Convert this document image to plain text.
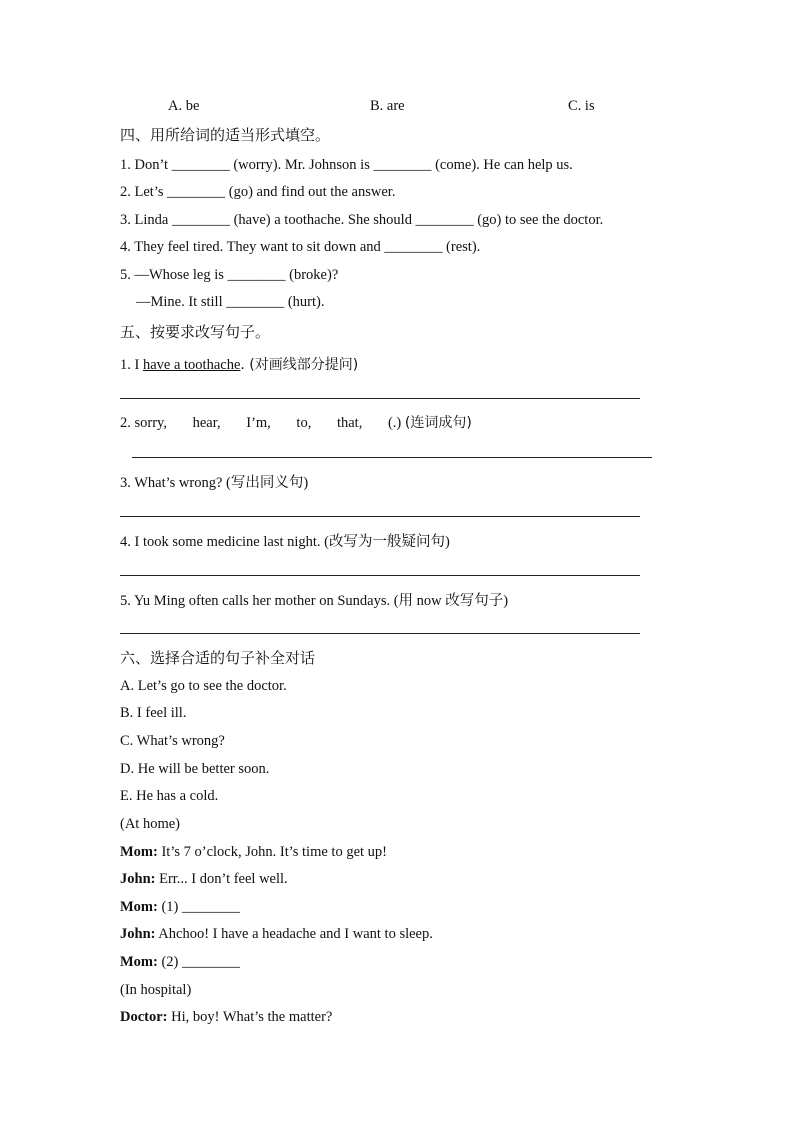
A. be	B. are	C. is
四、用所给词的适当形式填空。
1. Don’t ________ (worry). Mr. Johnson is ________ (come). He can help us.
2. Let’s ________ (go) and find out the answer.
3. Linda ________ (have) a toothache. She should ________ (go) to see the doctor.
4. They feel tired. They want to sit down and ________ (rest).
5. —Whose leg is ________ (broke)?
—Mine. It still ________ (hurt).
五、按要求改写句子。
1. I have a toothache. (对画线部分提问)
2. sorry, hear, I’m, to, that, (.) (连词成句)
3. What’s wrong? (写出同义句)
4. I took some medicine last night. (改写为一般疑问句)
5. Yu Ming often calls her mother on Sundays. (用 now 改写句子)
六、选择合适的句子补全对话
A. Let’s go to see the doctor.
B. I feel ill.
C. What’s wrong?
D. He will be better soon.
E. He has a cold.
(At home)
Mom: It’s 7 o’clock, John. It’s time to get up!
John: Err... I don’t feel well.
Mom: (1) ________
John: Ahchoo! I have a headache and I want to sleep.
Mom: (2) ________
(In hospital)
Doctor: Hi, boy! What’s the matter?
